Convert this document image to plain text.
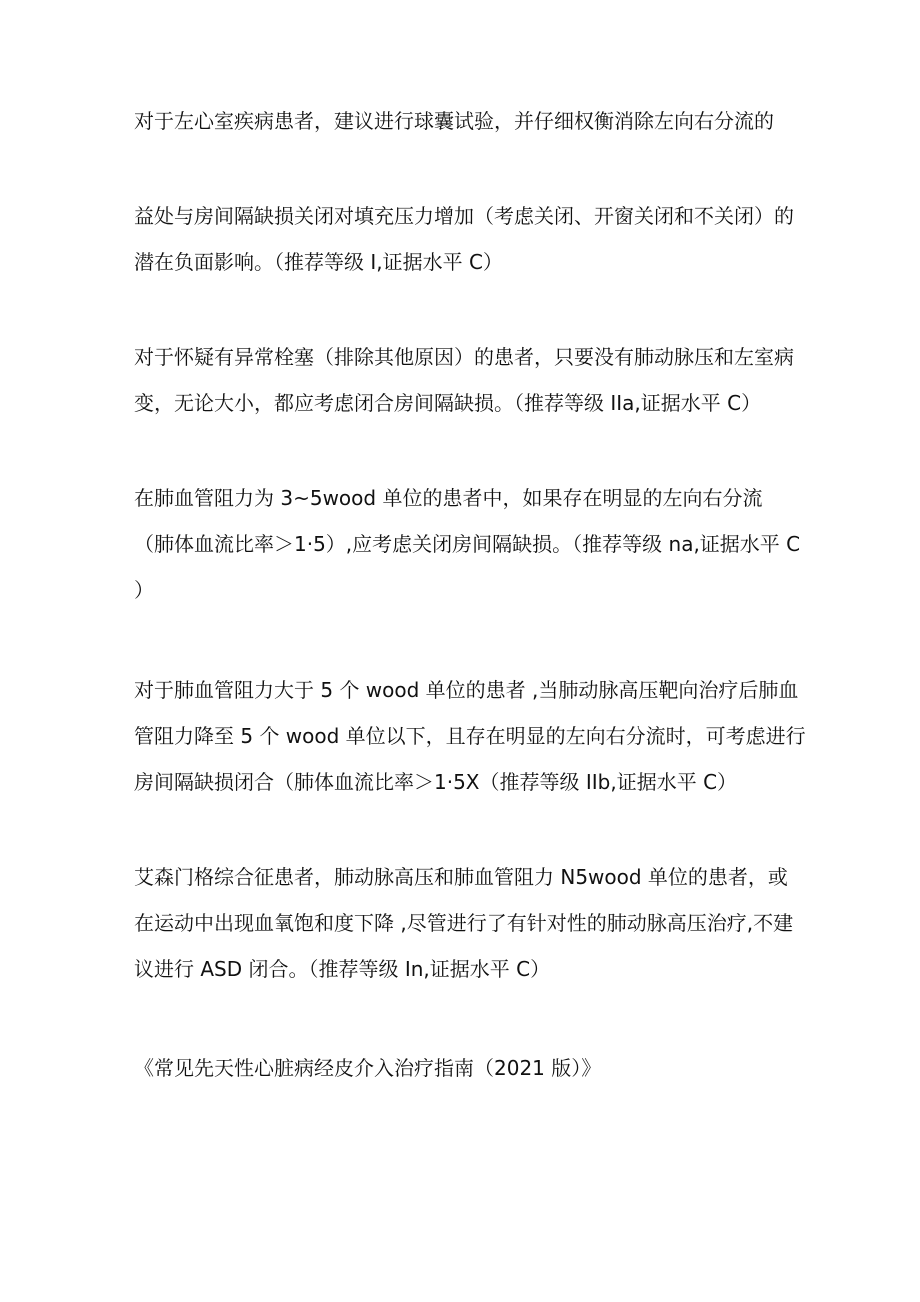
对于左心室疾病患者，建议进行球囊试验，并仔细权衡消除左向右分流的
益处与房间隔缺损关闭对填充压力增加（考虑关闭、开窗关闭和不关闭）的
潜在负面影响。（推荐等级 I,证据水平 C）
对于怀疑有异常栓塞（排除其他原因）的患者，只要没有肺动脉压和左室病
变，无论大小，都应考虑闭合房间隔缺损。（推荐等级 IIa,证据水平 C）
在肺血管阻力为 3~5wood 单位的患者中，如果存在明显的左向右分流
（肺体血流比率＞1·5）,应考虑关闭房间隔缺损。（推荐等级 na,证据水平 C
）
对于肺血管阻力大于 5 个 wood 单位的患者 ,当肺动脉高压靶向治疗后肺血
管阻力降至 5 个 wood 单位以下，且存在明显的左向右分流时，可考虑进行
房间隔缺损闭合（肺体血流比率＞1·5X（推荐等级 IIb,证据水平 C）
艾森门格综合征患者，肺动脉高压和肺血管阻力 N5wood 单位的患者，或
在运动中出现血氧饱和度下降 ,尽管进行了有针对性的肺动脉高压治疗,不建
议进行 ASD 闭合。（推荐等级 In,证据水平 C）
《常见先天性心脏病经皮介入治疗指南（2021 版）》
